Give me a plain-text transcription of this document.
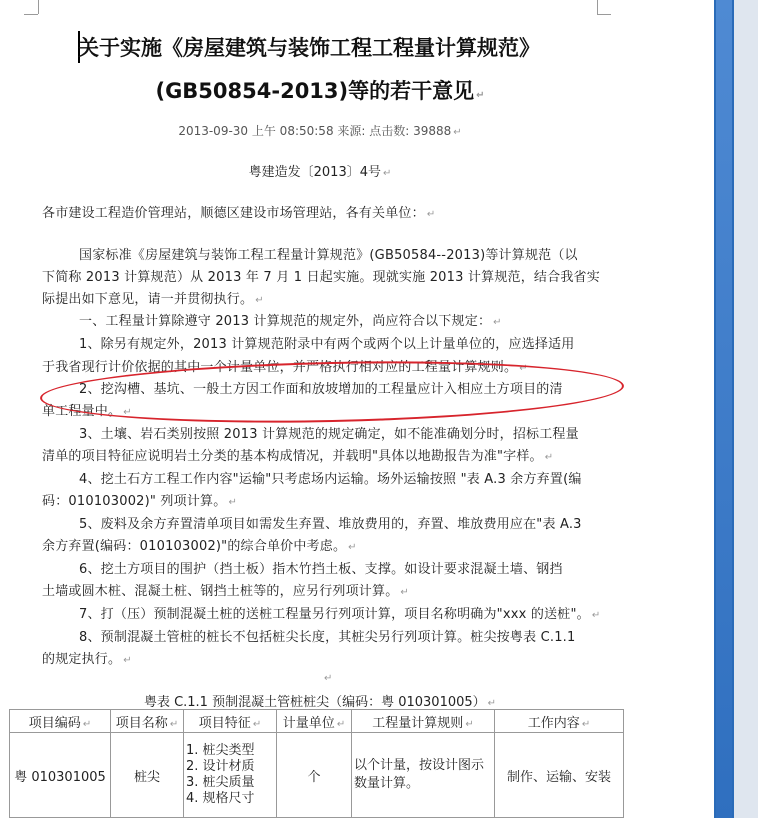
关于实施《房屋建筑与装饰工程工程量计算规范》
(GB50854-2013)等的若干意见 ↵
2013-09-30 上午 08:50:58 来源: 点击数: 39888 ↵
粤建造发〔2013〕4号 ↵
各市建设工程造价管理站，顺德区建设市场管理站，各有关单位： ↵
国家标准《房屋建筑与装饰工程工程量计算规范》(GB50584--2013)等计算规范（以
下简称 2013 计算规范）从 2013 年 7 月 1 日起实施。现就实施 2013 计算规范，结合我省实
际提出如下意见，请一并贯彻执行。 ↵
一、工程量计算除遵守 2013 计算规范的规定外，尚应符合以下规定： ↵
1、除另有规定外，2013 计算规范附录中有两个或两个以上计量单位的，应选择适用
于我省现行计价依据的其中一个计量单位，并严格执行相对应的工程量计算规则。 ↵
2、挖沟槽、基坑、一般土方因工作面和放坡增加的工程量应计入相应土方项目的清
单工程量中。 ↵
3、土壤、岩石类别按照 2013 计算规范的规定确定，如不能准确划分时，招标工程量
清单的项目特征应说明岩土分类的基本构成情况，并载明"具体以地勘报告为准"字样。 ↵
4、挖土石方工程工作内容"运输"只考虑场内运输。场外运输按照 "表 A.3 余方弃置(编
码：010103002)" 列项计算。 ↵
5、废料及余方弃置清单项目如需发生弃置、堆放费用的，弃置、堆放费用应在"表 A.3
余方弃置(编码：010103002)"的综合单价中考虑。 ↵
6、挖土方项目的围护（挡土板）指木竹挡土板、支撑。如设计要求混凝土墙、钢挡
土墙或圆木桩、混凝土桩、钢挡土桩等的，应另行列项计算。 ↵
7、打（压）预制混凝土桩的送桩工程量另行列项计算，项目名称明确为"xxx 的送桩"。 ↵
8、预制混凝土管桩的桩长不包括桩尖长度，其桩尖另行列项计算。桩尖按粤表 C.1.1
的规定执行。 ↵
↵
粤表 C.1.1 预制混凝土管桩桩尖（编码：粤 010301005） ↵
项目编码 ↵	项目名称 ↵	项目特征 ↵	计量单位 ↵	工程量计算规则 ↵	工作内容 ↵
粤 010301005	桩尖	1. 桩尖类型
2. 设计材质
3. 桩尖质量
4. 规格尺寸	个	以个计量，按设计图示数量计算。	制作、运输、安装
